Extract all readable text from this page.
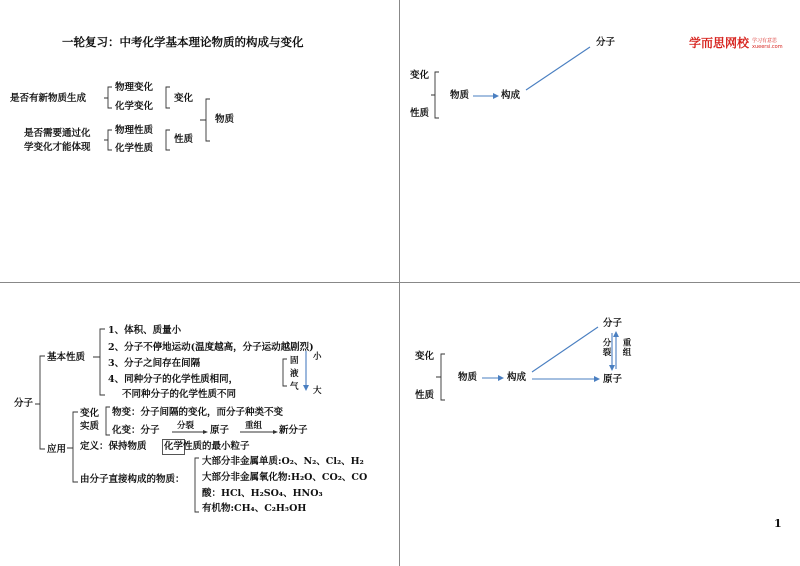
一轮复习：中考化学基本理论物质的构成与变化
是否有新物质生成
物理变化
化学变化
变化
是否需要通过化
学变化才能体现
物理性质
化学性质
性质
物质
学而思网校 学习有意思
xueersi.com
变化
性质
物质	构成
分子
分子
基本性质
1、体积、质量小
2、分子不停地运动(温度越高，分子运动越剧烈)
3、分子之间存在间隔
4、同种分子的化学性质相同，
不同种分子的化学性质不同
固
液
气
小
大
应用
变化
实质
物变：分子间隔的变化，而分子种类不变
化变：分子 分裂 原子 重组 新分子
定义：保持物质 化学 性质的最小粒子
由分子直接构成的物质：
大部分非金属单质:O₂、N₂、Cl₂、H₂
大部分非金属氧化物:H₂O、CO₂、CO
酸：HCl、H₂SO₄、HNO₃
有机物:CH₄、C₂H₅OH
变化
性质
物质	构成
分子
原子
分裂 重组
1
